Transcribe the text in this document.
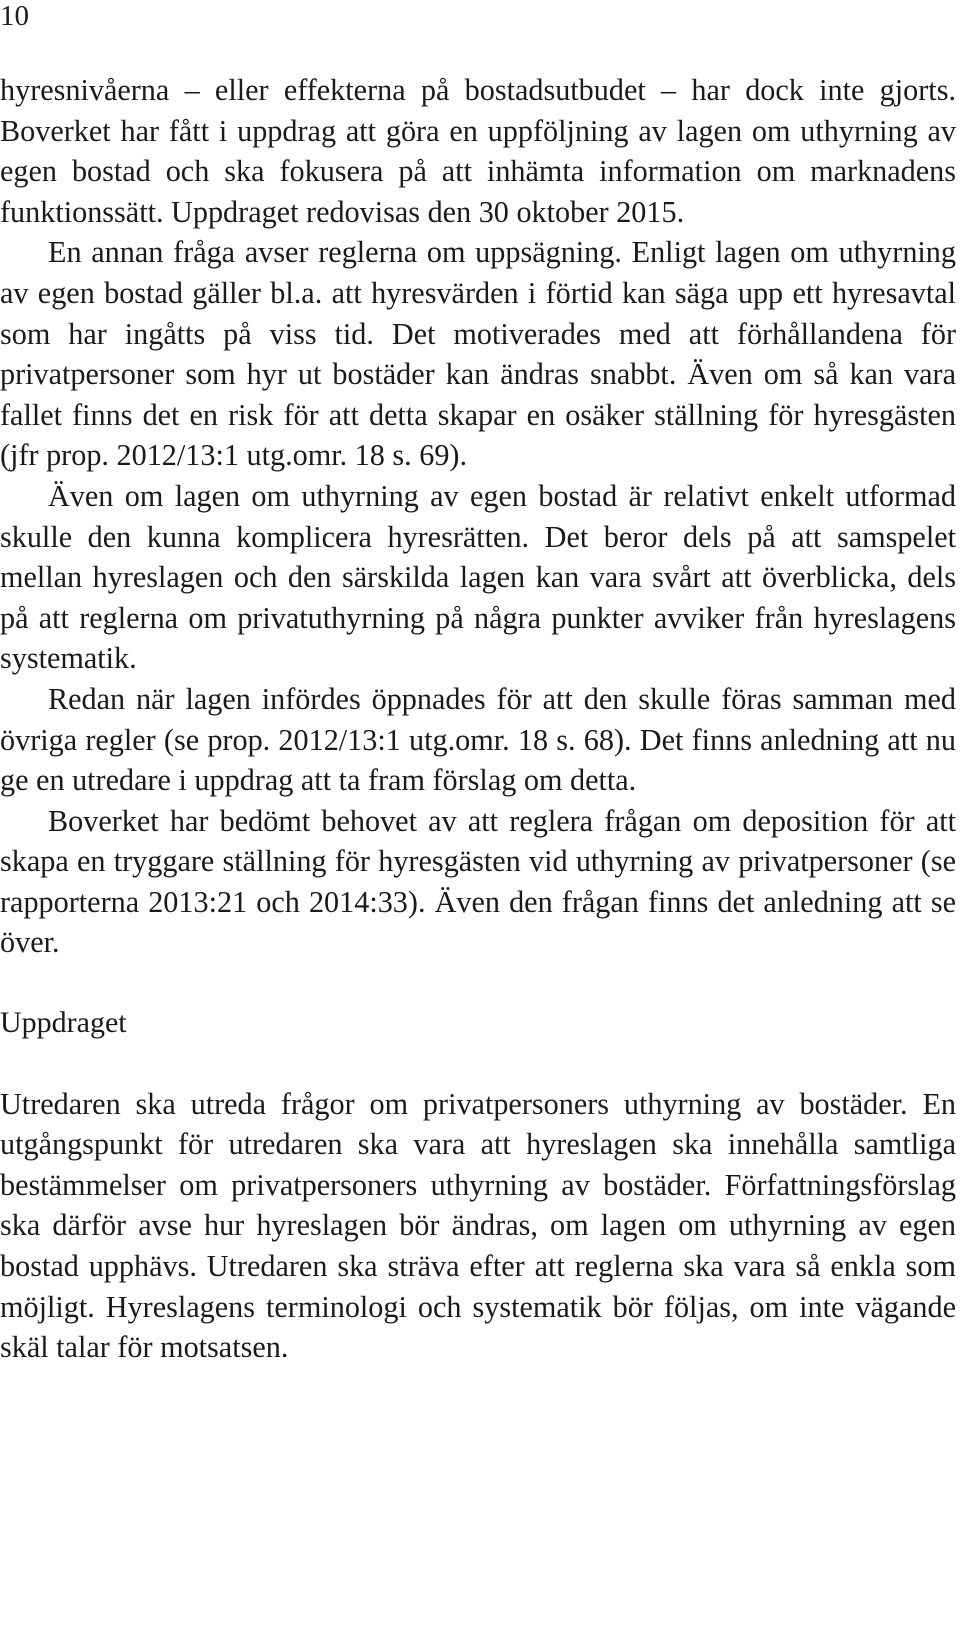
10

hyresnivåerna – eller effekterna på bostadsutbudet – har dock inte gjorts. Boverket har fått i uppdrag att göra en uppföljning av lagen om uthyrning av egen bostad och ska fokusera på att inhämta information om marknadens funktionssätt. Uppdraget redovisas den 30 oktober 2015.

En annan fråga avser reglerna om uppsägning. Enligt lagen om uthyrning av egen bostad gäller bl.a. att hyresvärden i förtid kan säga upp ett hyresavtal som har ingåtts på viss tid. Det motiverades med att förhållandena för privatpersoner som hyr ut bostäder kan ändras snabbt. Även om så kan vara fallet finns det en risk för att detta skapar en osäker ställning för hyresgästen (jfr prop. 2012/13:1 utg.omr. 18 s. 69).

Även om lagen om uthyrning av egen bostad är relativt enkelt utformad skulle den kunna komplicera hyresrätten. Det beror dels på att samspelet mellan hyreslagen och den särskilda lagen kan vara svårt att överblicka, dels på att reglerna om privatuthyrning på några punkter avviker från hyreslagens systematik.

Redan när lagen infördes öppnades för att den skulle föras samman med övriga regler (se prop. 2012/13:1 utg.omr. 18 s. 68). Det finns anledning att nu ge en utredare i uppdrag att ta fram förslag om detta.

Boverket har bedömt behovet av att reglera frågan om deposition för att skapa en tryggare ställning för hyresgästen vid uthyrning av privatpersoner (se rapporterna 2013:21 och 2014:33). Även den frågan finns det anledning att se över.

Uppdraget

Utredaren ska utreda frågor om privatpersoners uthyrning av bostäder. En utgångspunkt för utredaren ska vara att hyreslagen ska innehålla samtliga bestämmelser om privatpersoners uthyrning av bostäder. Författningsförslag ska därför avse hur hyreslagen bör ändras, om lagen om uthyrning av egen bostad upphävs. Utredaren ska sträva efter att reglerna ska vara så enkla som möjligt. Hyreslagens terminologi och systematik bör följas, om inte vägande skäl talar för motsatsen.
